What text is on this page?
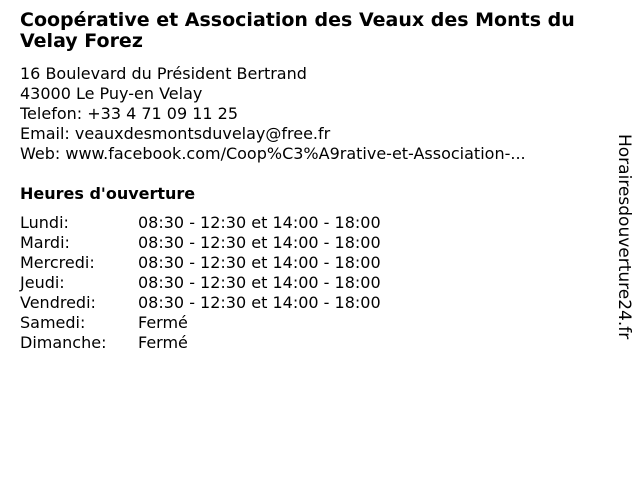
Coopérative et Association des Veaux des Monts du Velay Forez
16 Boulevard du Président Bertrand
43000 Le Puy-en Velay
Telefon: +33 4 71 09 11 25
Email: veauxdesmontsduvelay@free.fr
Web: www.facebook.com/Coop%C3%A9rative-et-Association-...
Heures d'ouverture
Lundi:	08:30 - 12:30 et 14:00 - 18:00
Mardi:	08:30 - 12:30 et 14:00 - 18:00
Mercredi:	08:30 - 12:30 et 14:00 - 18:00
Jeudi:	08:30 - 12:30 et 14:00 - 18:00
Vendredi:	08:30 - 12:30 et 14:00 - 18:00
Samedi:	Fermé
Dimanche:	Fermé
Horairesdouverture24.fr
